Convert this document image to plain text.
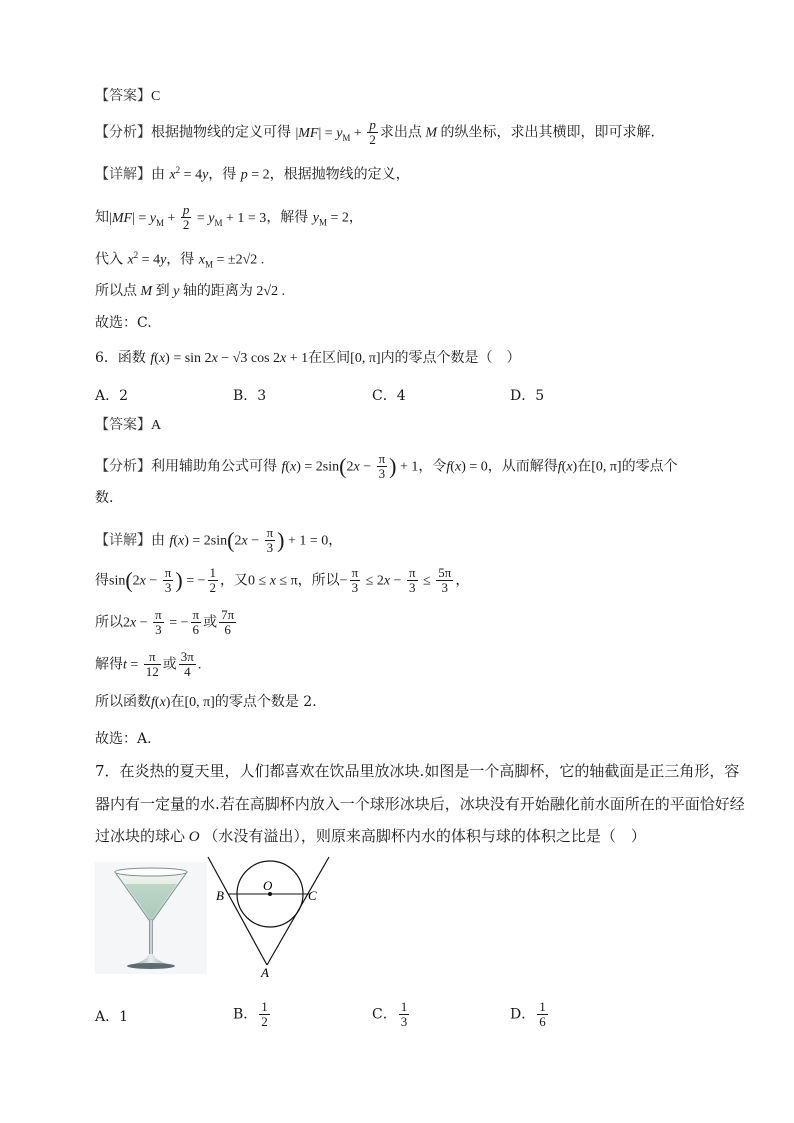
【答案】C
【分析】根据抛物线的定义可得 $|MF| = y_M + \frac{p}{2}$ 求出点 M 的纵坐标，求出其横即，即可求解.
【详解】由 $x^2 = 4y$，得 p = 2，根据抛物线的定义，
知$|MF| = y_M + \frac{p}{2} = y_M + 1 = 3$，解得 $y_M = 2$，
代入 $x^2 = 4y$，得 $x_M = \pm 2√2$ .
所以点 M 到 y 轴的距离为 2√2 .
故选：C.
6．函数 f(x) = sin 2x − √3 cos 2x + 1在区间[0, π]内的零点个数是（　）
A．2	B．3	C．4	D．5
【答案】A
【分析】利用辅助角公式可得 $f(x) = 2\sin(2x - \frac{\pi}{3}$ ) + 1，令f(x) = 0，从而解得f(x)在[0, π]的零点个
数.
【详解】由 $f(x) = 2\sin(2x - \frac{\pi}{3}$ ) + 1 = 0，
得$\sin(2x - \frac{\pi}{3}$ ) = − $\frac{1}{2}$ ，又0 ≤ x ≤ π，所以− $\frac{\pi}{3} \le 2x - \frac{\pi}{3} \le \frac{5\pi}{3}$ ，
所以$2x - \frac{\pi}{3}$ = − $\frac{\pi}{6}$ 或 $\frac{7\pi}{6}$
解得$t = \frac{\pi}{12}$ 或 $\frac{3\pi}{4}$ .
所以函数f(x)在[0, π]的零点个数是 2.
故选：A.
7．在炎热的夏天里，人们都喜欢在饮品里放冰块.如图是一个高脚杯，它的轴截面是正三角形，容
器内有一定量的水.若在高脚杯内放入一个球形冰块后，冰块没有开始融化前水面所在的平面恰好经
过冰块的球心 O （水没有溢出），则原来高脚杯内水的体积与球的体积之比是（　）
O
B	C
A
A．1	B． $\frac{1}{2}$	C． $\frac{1}{3}$	D． $\frac{1}{6}$
